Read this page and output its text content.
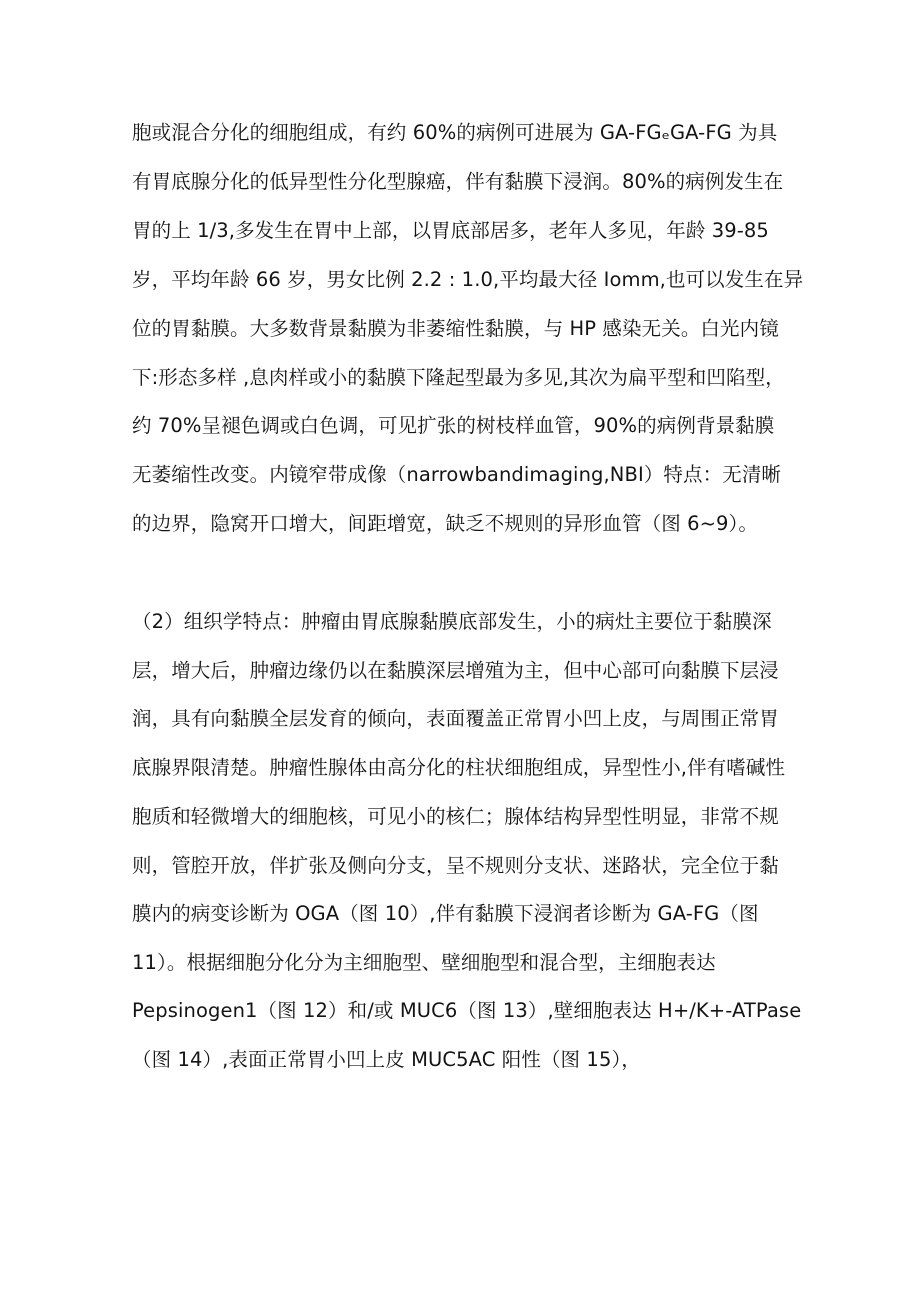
胞或混合分化的细胞组成，有约 60%的病例可进展为 GA-FGₑGA-FG 为具
有胃底腺分化的低异型性分化型腺癌，伴有黏膜下浸润。80%的病例发生在
胃的上 1/3,多发生在胃中上部，以胃底部居多，老年人多见，年龄 39-85
岁，平均年龄 66 岁，男女比例 2.2 : 1.0,平均最大径 Iomm,也可以发生在异
位的胃黏膜。大多数背景黏膜为非萎缩性黏膜，与 HP 感染无关。白光内镜
下:形态多样 ,息肉样或小的黏膜下隆起型最为多见,其次为扁平型和凹陷型，
约 70%呈褪色调或白色调，可见扩张的树枝样血管，90%的病例背景黏膜
无萎缩性改变。内镜窄带成像（narrowbandimaging,NBI）特点：无清晰
的边界，隐窝开口增大，间距增宽，缺乏不规则的异形血管（图 6~9）。
（2）组织学特点：肿瘤由胃底腺黏膜底部发生，小的病灶主要位于黏膜深
层，增大后，肿瘤边缘仍以在黏膜深层增殖为主，但中心部可向黏膜下层浸
润，具有向黏膜全层发育的倾向，表面覆盖正常胃小凹上皮，与周围正常胃
底腺界限清楚。肿瘤性腺体由高分化的柱状细胞组成，异型性小,伴有嗜碱性
胞质和轻微增大的细胞核，可见小的核仁；腺体结构异型性明显，非常不规
则，管腔开放，伴扩张及侧向分支，呈不规则分支状、迷路状，完全位于黏
膜内的病变诊断为 OGA（图 10）,伴有黏膜下浸润者诊断为 GA-FG（图
11）。根据细胞分化分为主细胞型、壁细胞型和混合型，主细胞表达
Pepsinogen1（图 12）和/或 MUC6（图 13）,壁细胞表达 H+/K+-ATPase
（图 14）,表面正常胃小凹上皮 MUC5AC 阳性（图 15），
